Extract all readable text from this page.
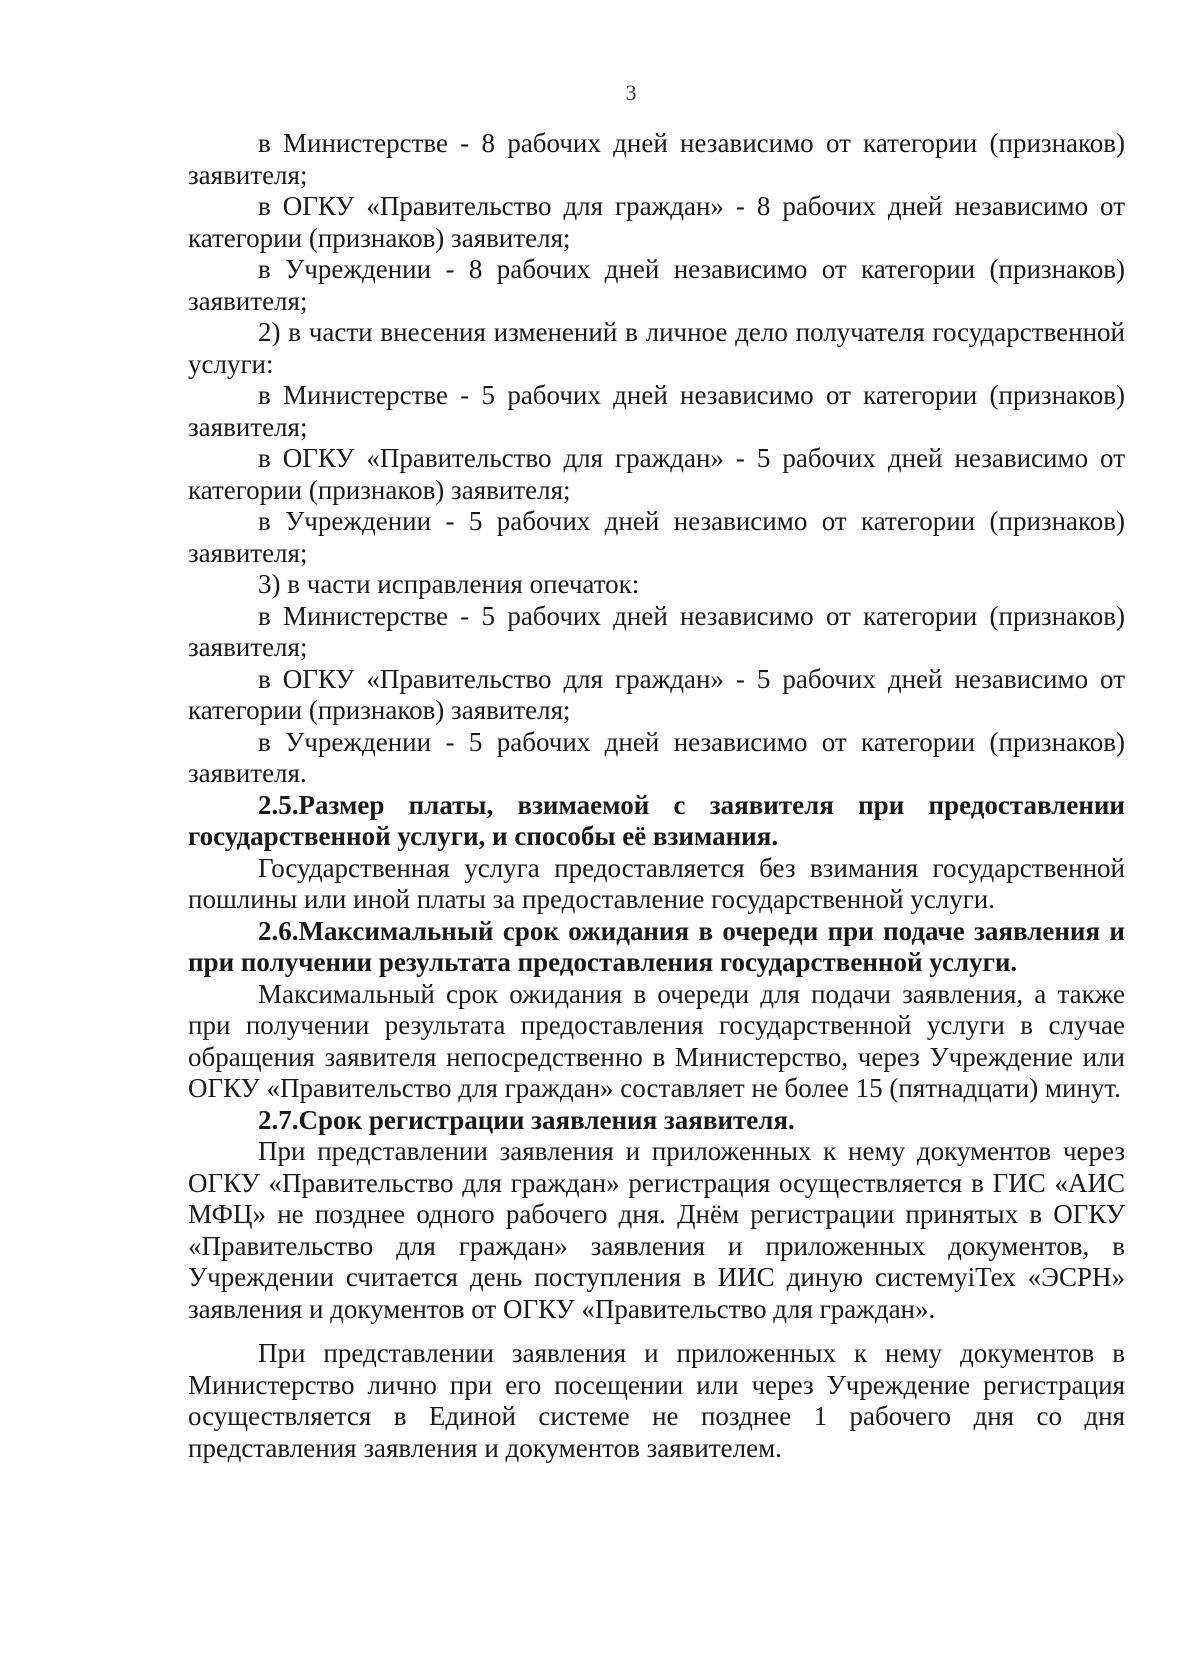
3

в Министерстве - 8 рабочих дней независимо от категории (признаков) заявителя;

в ОГКУ «Правительство для граждан» - 8 рабочих дней независимо от категории (признаков) заявителя;

в Учреждении - 8 рабочих дней независимо от категории (признаков) заявителя;

2) в части внесения изменений в личное дело получателя государственной услуги:

в Министерстве - 5 рабочих дней независимо от категории (признаков) заявителя;

в ОГКУ «Правительство для граждан» - 5 рабочих дней независимо от категории (признаков) заявителя;

в Учреждении - 5 рабочих дней независимо от категории (признаков) заявителя;

3) в части исправления опечаток:

в Министерстве - 5 рабочих дней независимо от категории (признаков) заявителя;

в ОГКУ «Правительство для граждан» - 5 рабочих дней независимо от категории (признаков) заявителя;

в Учреждении - 5 рабочих дней независимо от категории (признаков) заявителя.

2.5.Размер платы, взимаемой с заявителя при предоставлении государственной услуги, и способы её взимания.

Государственная услуга предоставляется без взимания государственной пошлины или иной платы за предоставление государственной услуги.

2.6.Максимальный срок ожидания в очереди при подаче заявления и при получении результата предоставления государственной услуги.

Максимальный срок ожидания в очереди для подачи заявления, а также при получении результата предоставления государственной услуги в случае обращения заявителя непосредственно в Министерство, через Учреждение или ОГКУ «Правительство для граждан» составляет не более 15 (пятнадцати) минут.

2.7.Срок регистрации заявления заявителя.

При представлении заявления и приложенных к нему документов через ОГКУ «Правительство для граждан» регистрация осуществляется в ГИС «АИС МФЦ» не позднее одного рабочего дня. Днём регистрации принятых в ОГКУ «Правительство для граждан» заявления и приложенных документов, в Учреждении считается день поступления в ИИС диную системуiТех «ЭСРН» заявления и документов от ОГКУ «Правительство для граждан».

При представлении заявления и приложенных к нему документов в Министерство лично при его посещении или через Учреждение регистрация осуществляется в Единой системе не позднее 1 рабочего дня со дня представления заявления и документов заявителем.
